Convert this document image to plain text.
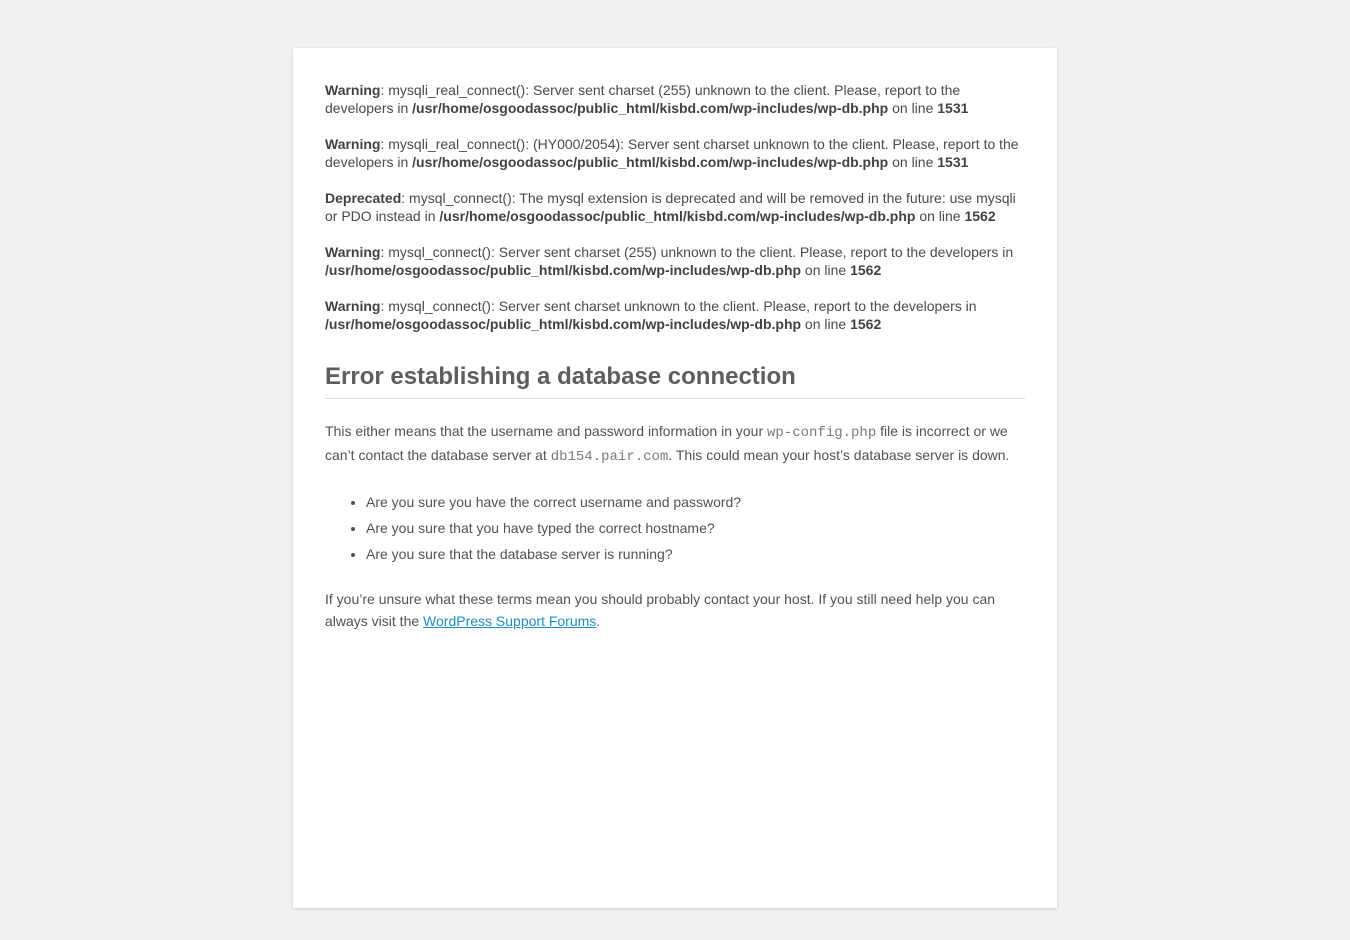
Warning: mysqli_real_connect(): Server sent charset (255) unknown to the client. Please, report to the developers in /usr/home/osgoodassoc/public_html/kisbd.com/wp-includes/wp-db.php on line 1531

Warning: mysqli_real_connect(): (HY000/2054): Server sent charset unknown to the client. Please, report to the developers in /usr/home/osgoodassoc/public_html/kisbd.com/wp-includes/wp-db.php on line 1531

Deprecated: mysql_connect(): The mysql extension is deprecated and will be removed in the future: use mysqli or PDO instead in /usr/home/osgoodassoc/public_html/kisbd.com/wp-includes/wp-db.php on line 1562

Warning: mysql_connect(): Server sent charset (255) unknown to the client. Please, report to the developers in /usr/home/osgoodassoc/public_html/kisbd.com/wp-includes/wp-db.php on line 1562

Warning: mysql_connect(): Server sent charset unknown to the client. Please, report to the developers in /usr/home/osgoodassoc/public_html/kisbd.com/wp-includes/wp-db.php on line 1562

Error establishing a database connection

This either means that the username and password information in your wp-config.php file is incorrect or we can’t contact the database server at db154.pair.com. This could mean your host’s database server is down.

• Are you sure you have the correct username and password?
• Are you sure that you have typed the correct hostname?
• Are you sure that the database server is running?

If you’re unsure what these terms mean you should probably contact your host. If you still need help you can always visit the WordPress Support Forums.
